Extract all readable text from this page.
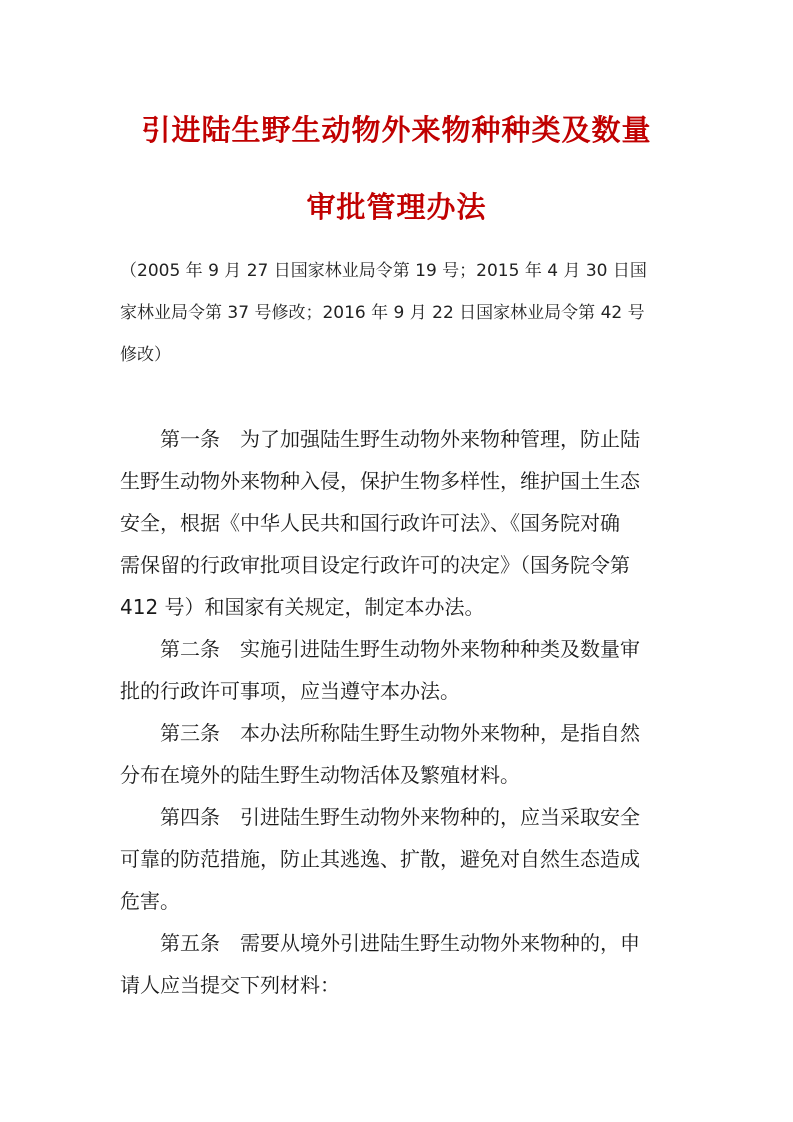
引进陆生野生动物外来物种种类及数量
审批管理办法

（2005 年 9 月 27 日国家林业局令第 19 号；2015 年 4 月 30 日国
家林业局令第 37 号修改；2016 年 9 月 22 日国家林业局令第 42 号
修改）

第一条　为了加强陆生野生动物外来物种管理，防止陆
生野生动物外来物种入侵，保护生物多样性，维护国土生态
安全，根据《中华人民共和国行政许可法》、《国务院对确
需保留的行政审批项目设定行政许可的决定》（国务院令第
412 号）和国家有关规定，制定本办法。
第二条　实施引进陆生野生动物外来物种种类及数量审
批的行政许可事项，应当遵守本办法。
第三条　本办法所称陆生野生动物外来物种，是指自然
分布在境外的陆生野生动物活体及繁殖材料。
第四条　引进陆生野生动物外来物种的，应当采取安全
可靠的防范措施，防止其逃逸、扩散，避免对自然生态造成
危害。
第五条　需要从境外引进陆生野生动物外来物种的，申
请人应当提交下列材料：
